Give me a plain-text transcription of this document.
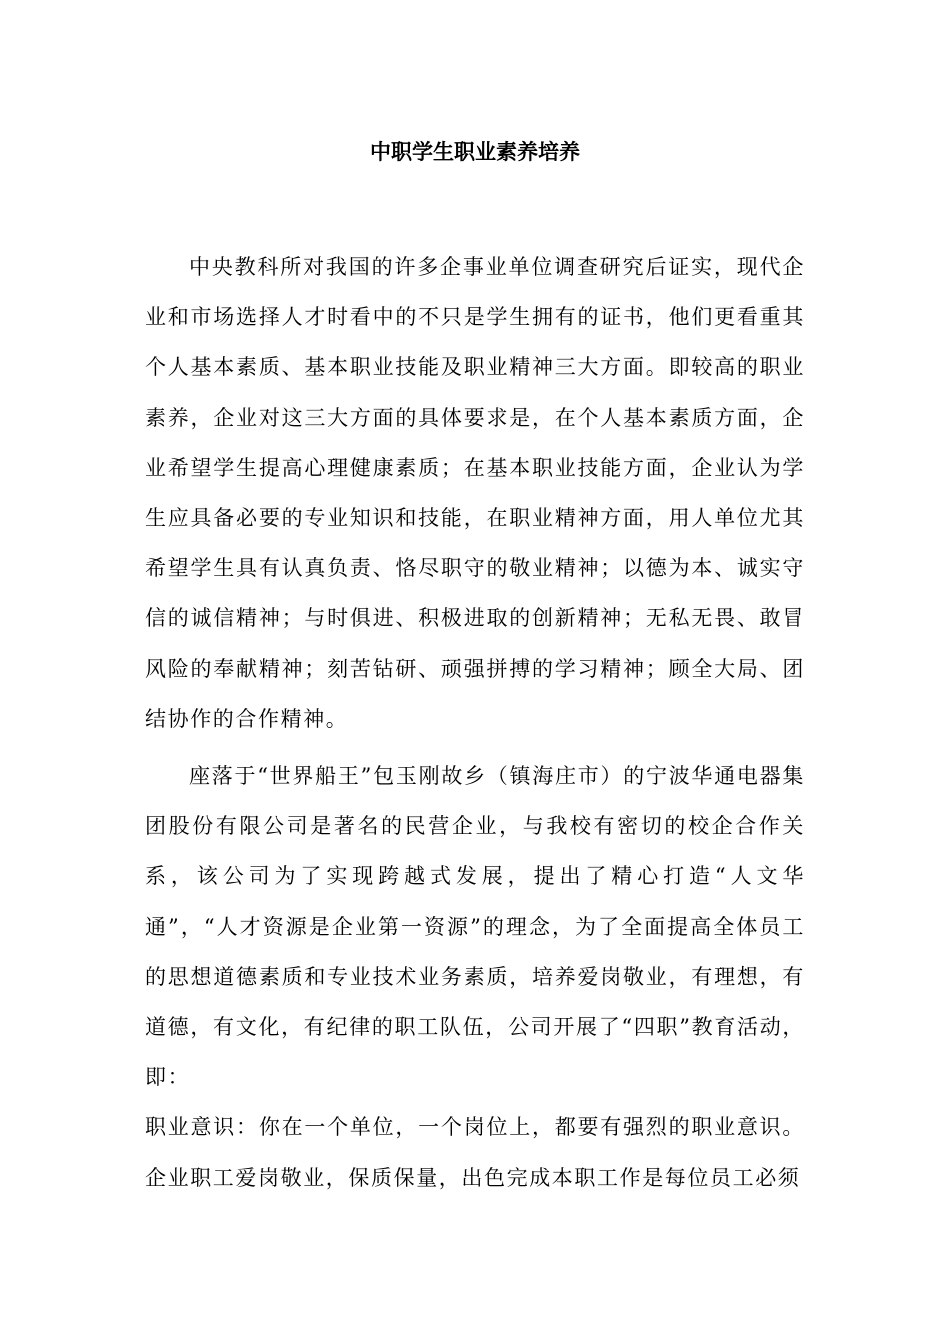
中职学生职业素养培养

中央教科所对我国的许多企事业单位调查研究后证实，现代企业和市场选择人才时看中的不只是学生拥有的证书，他们更看重其个人基本素质、基本职业技能及职业精神三大方面。即较高的职业素养，企业对这三大方面的具体要求是，在个人基本素质方面，企业希望学生提高心理健康素质；在基本职业技能方面，企业认为学生应具备必要的专业知识和技能，在职业精神方面，用人单位尤其希望学生具有认真负责、恪尽职守的敬业精神；以德为本、诚实守信的诚信精神；与时俱进、积极进取的创新精神；无私无畏、敢冒风险的奉献精神；刻苦钻研、顽强拼搏的学习精神；顾全大局、团结协作的合作精神。

座落于“世界船王”包玉刚故乡（镇海庄市）的宁波华通电器集团股份有限公司是著名的民营企业，与我校有密切的校企合作关系，该公司为了实现跨越式发展，提出了精心打造“人文华通”，“人才资源是企业第一资源”的理念，为了全面提高全体员工的思想道德素质和专业技术业务素质，培养爱岗敬业，有理想，有道德，有文化，有纪律的职工队伍，公司开展了“四职”教育活动，即：

职业意识：你在一个单位，一个岗位上，都要有强烈的职业意识。企业职工爱岗敬业，保质保量，出色完成本职工作是每位员工必须
